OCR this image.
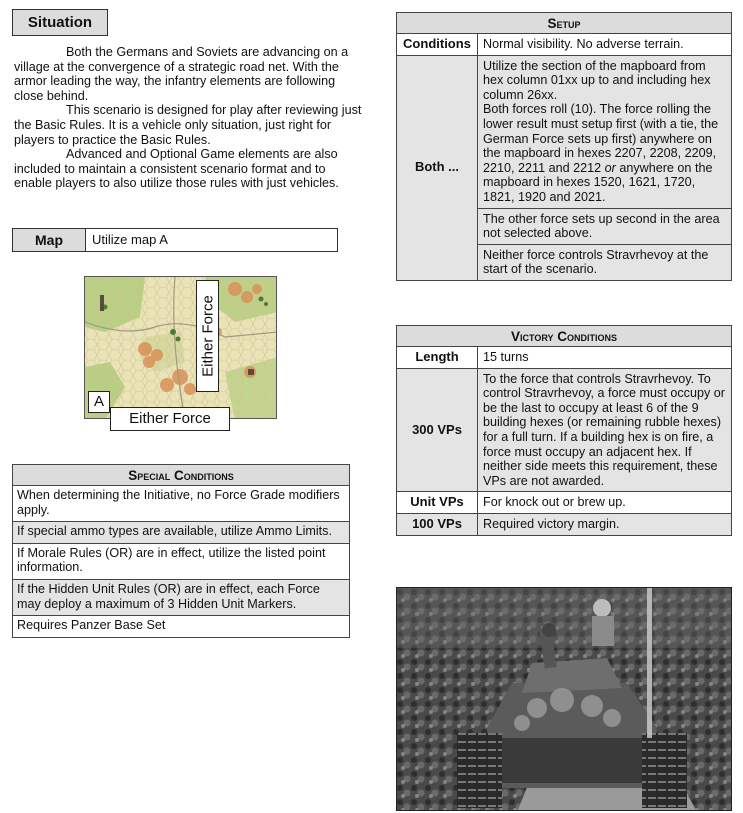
Situation

Both the Germans and Soviets are advancing on a village at the convergence of a strategic road net. With the armor leading the way, the infantry elements are following close behind.

This scenario is designed for play after reviewing just the Basic Rules. It is a vehicle only situation, just right for players to practice the Basic Rules.

Advanced and Optional Game elements are also included to maintain a consistent scenario format and to enable players to also utilize those rules with just vehicles.

Map	Utilize map A
Either Force
A
Either Force
Special Conditions
When determining the Initiative, no Force Grade modifiers apply.
If special ammo types are available, utilize Ammo Limits.
If Morale Rules (OR) are in effect, utilize the listed point information.
If the Hidden Unit Rules (OR) are in effect, each Force may deploy a maximum of 3 Hidden Unit Markers.
Requires Panzer Base Set
Setup	
Conditions	Normal visibility. No adverse terrain.
Both ...	Utilize the section of the mapboard from hex column 01xx up to and including hex column 26xx.
Both forces roll (10). The force rolling the lower result must setup first (with a tie, the German Force sets up first) anywhere on the mapboard in hexes 2207, 2208, 2209, 2210, 2211 and 2212 or anywhere on the mapboard in hexes 1520, 1621, 1720, 1821, 1920 and 2021.
	The other force sets up second in the area not selected above.
	Neither force controls Stravrhevoy at the start of the scenario.
Victory Conditions	
Length	15 turns
300 VPs	To the force that controls Stravrhevoy. To control Stravrhevoy, a force must occupy or be the last to occupy at least 6 of the 9 building hexes (or remaining rubble hexes) for a full turn. If a building hex is on fire, a force must occupy an adjacent hex. If neither side meets this requirement, these VPs are not awarded.
Unit VPs	For knock out or brew up.
100 VPs	Required victory margin.
